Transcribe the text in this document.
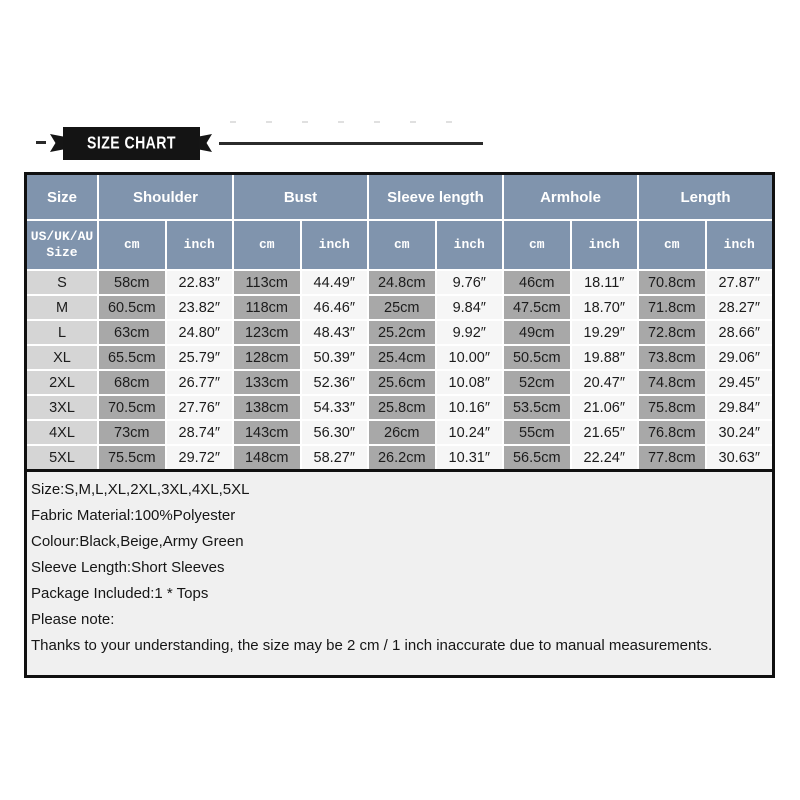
SIZE CHART
Size	Shoulder	Bust	Sleeve length	Armhole	Length
US/UK/AU Size
cm	inch	cm	inch	cm	inch	cm	inch	cm	inch
S	58cm	22.83″	113cm	44.49″	24.8cm	9.76″	46cm	18.11″	70.8cm	27.87″
M	60.5cm	23.82″	118cm	46.46″	25cm	9.84″	47.5cm	18.70″	71.8cm	28.27″
L	63cm	24.80″	123cm	48.43″	25.2cm	9.92″	49cm	19.29″	72.8cm	28.66″
XL	65.5cm	25.79″	128cm	50.39″	25.4cm	10.00″	50.5cm	19.88″	73.8cm	29.06″
2XL	68cm	26.77″	133cm	52.36″	25.6cm	10.08″	52cm	20.47″	74.8cm	29.45″
3XL	70.5cm	27.76″	138cm	54.33″	25.8cm	10.16″	53.5cm	21.06″	75.8cm	29.84″
4XL	73cm	28.74″	143cm	56.30″	26cm	10.24″	55cm	21.65″	76.8cm	30.24″
5XL	75.5cm	29.72″	148cm	58.27″	26.2cm	10.31″	56.5cm	22.24″	77.8cm	30.63″
Size:S,M,L,XL,2XL,3XL,4XL,5XL
Fabric Material:100%Polyester
Colour:Black,Beige,Army Green
Sleeve Length:Short Sleeves
Package Included:1 * Tops
Please note:
Thanks to your understanding, the size may be 2 cm / 1 inch inaccurate due to manual measurements.
